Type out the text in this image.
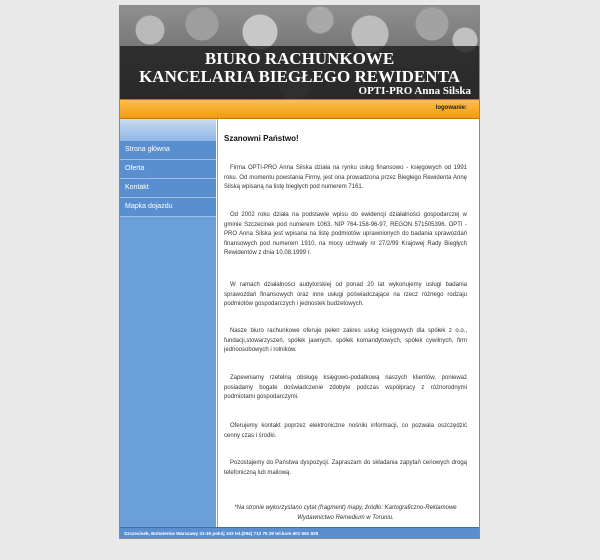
BIURO RACHUNKOWE
KANCELARIA BIEGŁEGO REWIDENTA
OPTI-PRO Anna Silska
logowanie:
Strona główna
Oferta
Kontakt
Mapka dojazdu
Szanowni Państwo!
Firma OPTI-PRO Anna Silska działa na rynku usług finansowo - księgowych od 1991 roku. Od momentu powstania Firmy, jest ona prowadzona przez Biegłego Rewidenta Annę Silską wpisaną na listę biegłych pod numerem 7161.
Od 2002 roku działa na podstawie wpisu do ewidencji działalności gospodarczej w gminie Szczecinek pod numerem 1063. NIP 764-158-96-97, REGON 571505396. OPTI - PRO Anna Silska jest wpisana na listę podmiotów uprawnionych do badania sprawozdań finansowych pod numerem 1910, na mocy uchwały nr 27/2/99 Krajowej Rady Biegłych Rewidentów z dnia 10.08.1999 r.
W ramach działalności audytorskiej od ponad 20 lat wykonujemy usługi badania sprawozdań finansowych oraz inne usługi poświadczające na rzecz różnego rodzaju podmiotów gospodarczych i jednostek budżetowych.
Nasze biuro rachunkowe oferuje pełen zakres usług księgowych dla spółek z o.o., fundacji,stowarzyszeń, spółek jawnych, spółek komandytowych, spółek cywilnych, firm jednoosobowych i rolników.
Zapewniamy rzetelną obsługę księgowo-podatkową naszych klientów, ponieważ posiadamy bogate doświadczenie zdobyte podczas współpracy z różnorodnymi podmiotami gospodarczymi.
Oferujemy kontakt poprzez elektroniczne nośniki informacji, co pozwala oszczędzić cenny czas i środki.
Pozostajemy do Państwa dyspozycji. Zapraszam do składania zapytań cenowych drogą telefoniczną lub mailową.
*Na stronie wykorzystano cytat (fragment) mapy, źródło: Kartograficzno-Reklamowe Wydawnictwo Remedium w Toruniu.
Szczecinek, Bohaterów Warszawy 31-35 pokój 103 tel.(094) 712 75 29 tel.kom 601 561 828
